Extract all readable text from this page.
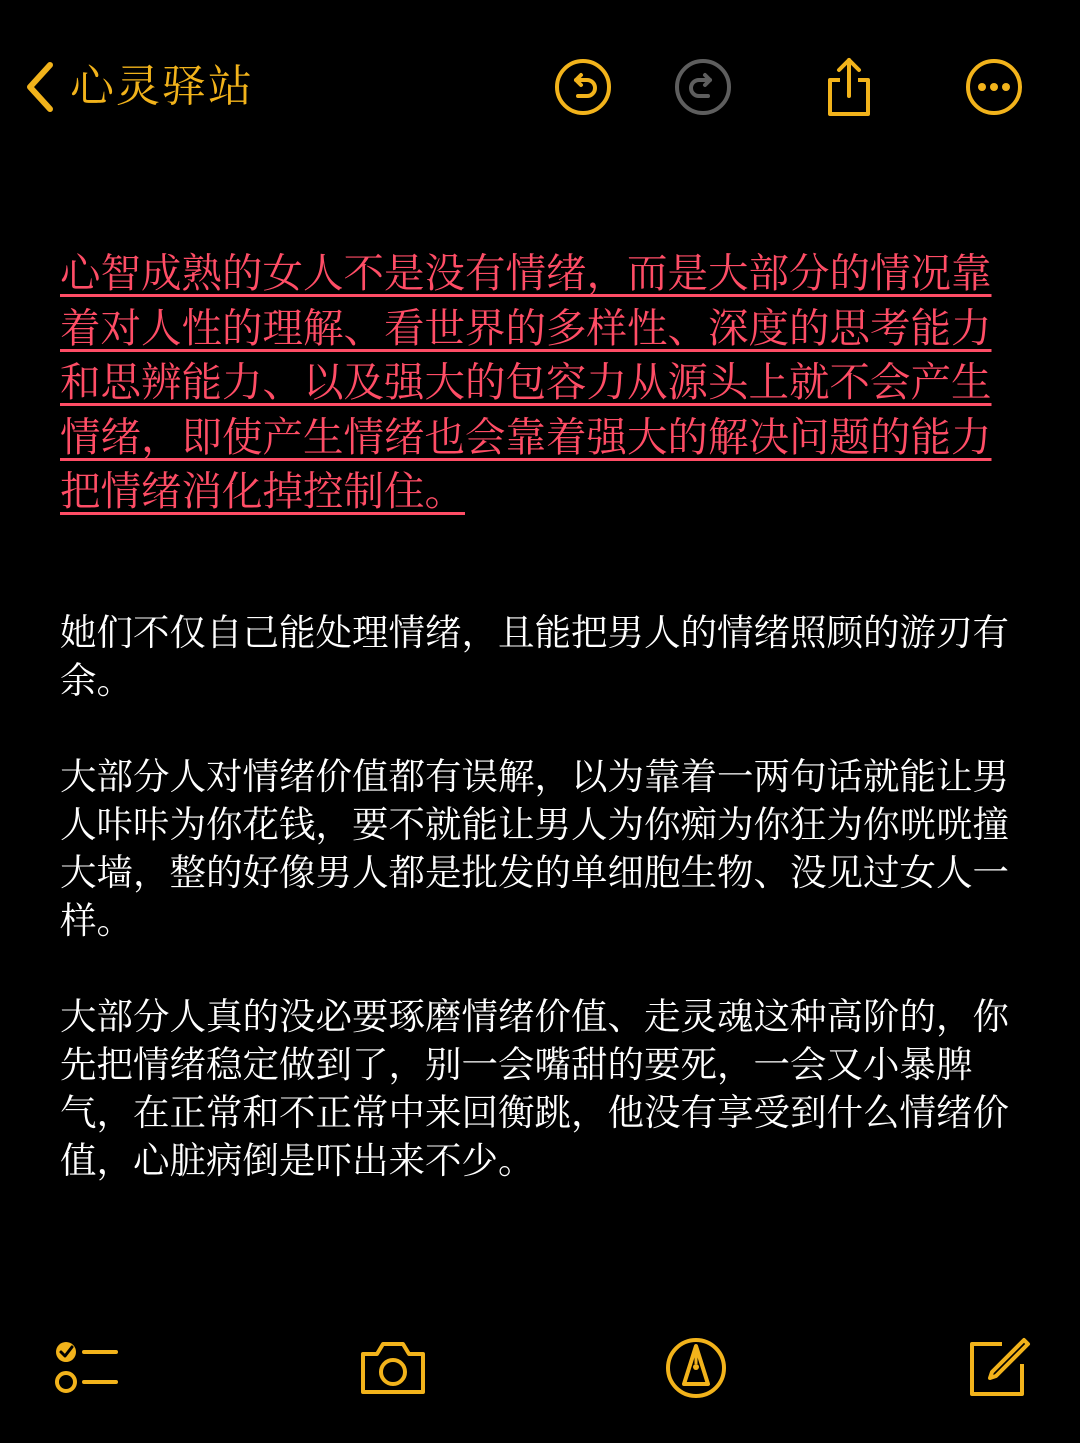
心灵驿站

心智成熟的女人不是没有情绪，而是大部分的情况靠着对人性的理解、看世界的多样性、深度的思考能力和思辨能力、以及强大的包容力从源头上就不会产生情绪，即使产生情绪也会靠着强大的解决问题的能力把情绪消化掉控制住。

她们不仅自己能处理情绪，且能把男人的情绪照顾的游刃有余。

大部分人对情绪价值都有误解，以为靠着一两句话就能让男人咔咔为你花钱，要不就能让男人为你痴为你狂为你咣咣撞大墙，整的好像男人都是批发的单细胞生物、没见过女人一样。

大部分人真的没必要琢磨情绪价值、走灵魂这种高阶的，你先把情绪稳定做到了，别一会嘴甜的要死，一会又小暴脾气，在正常和不正常中来回衡跳，他没有享受到什么情绪价值，心脏病倒是吓出来不少。
